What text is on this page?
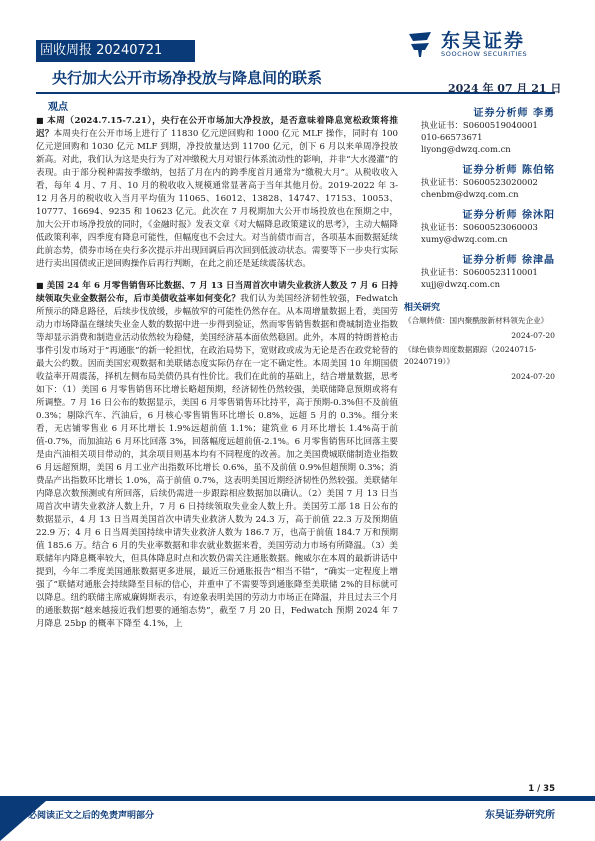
固收周报 20240721	东吴证券
SOOCHOW SECURITIES
央行加大公开市场净投放与降息间的联系
2024 年 07 月 21 日
观点

■ 本周（2024.7.15-7.21），央行在公开市场加大净投放，是否意味着降息宽松政策将推迟？本周央行在公开市场上进行了 11830 亿元逆回购和 1000 亿元 MLF 操作，同时有 100 亿元逆回购和 1030 亿元 MLF 到期，净投放量达到 11700 亿元，创下 6 月以来单周净投放新高。对此，我们认为这是央行为了对冲缴税大月对银行体系流动性的影响，并非“大水漫灌”的表现。由于部分税种需按季缴纳，包括了月在内的跨季度首月通常为“缴税大月”。从税收收入看，每年 4 月、7 月、10 月的税收收入规模通常显著高于当年其他月份。2019-2022 年 3-12 月各月的税收收入当月平均值为 11065、16012、13828、14747、17153、10053、10777、16694、9235 和 10623 亿元。此次在 7 月税期加大公开市场投放也在预期之中，加大公开市场净投放的同时，《金融时报》发表文章《对大幅降息政策建议的思考》，主动大幅降低政策利率，四季度有降息可能性，但幅度也不会过大。对当前债市而言，各项基本面数据延续此前态势，债券市场在央行多次提示并出现回调后再次回到低波动状态。需要等下一步央行实际进行卖出国债或正逆回购操作后再行判断，在此之前还是延续震荡状态。

■ 美国 24 年 6 月零售销售环比数据、7 月 13 日当周首次申请失业救济人数及 7 月 6 日持续领取失业金数据公布，后市美债收益率如何变化？我们认为美国经济韧性较强，Fedwatch 所预示的降息路径，后续步伐放缓，步幅放窄的可能性仍然存在。从本周增量数据上看，美国劳动力市场降温在继续失业金人数的数据中进一步得到验证，然而零售销售数据和费城制造业指数等却显示消费和制造业活动依然较为稳健，美国经济基本面依然稳固。此外，本周的特朗普枪击事件引发市场对于“再通胀”的新一轮担忧，在政治局势下，宽财政或成为无论是否在政党轮替的最大公约数。因而美国宏观数据和美联储态度实际仍存在一定不确定性。本周美国 10 年期国债收益率开周震荡，择机左侧布局美债仍具有性价比。我们在此前的基础上，结合增量数据，思考如下：（1）美国 6 月零售销售环比增长略超预期，经济韧性仍然较强，美联储降息预期或将有所调整。7 月 16 日公布的数据显示，美国 6 月零售销售环比持平，高于预期-0.3%但不及前值 0.3%；剔除汽车、汽油后，6 月核心零售销售环比增长 0.8%，远超 5 月的 0.3%。细分来看，无店铺零售业 6 月环比增长 1.9%远超前值 1.1%；建筑业 6 月环比增长 1.4%高于前值-0.7%，而加油站 6 月环比回落 3%，回落幅度远超前值-2.1%。6 月零售销售环比回落主要是由汽油相关项目带动的，其余项目则基本均有不同程度的改善。加之美国费城联储制造业指数 6 月远超预期，美国 6 月工业产出指数环比增长 0.6%，虽不及前值 0.9%但超预期 0.3%；消费品产出指数环比增长 1.0%，高于前值 0.7%，这表明美国近期经济韧性仍然较强。美联储年内降息次数预测或有所回落，后续仍需进一步跟踪相应数据加以确认。（2）美国 7 月 13 日当周首次申请失业救济人数上升，7 月 6 日持续领取失业金人数上升。美国劳工部 18 日公布的数据显示，4 月 13 日当周美国首次申请失业救济人数为 24.3 万，高于前值 22.3 万及预期值 22.9 万；4 月 6 日当周美国持续申请失业救济人数为 186.7 万，也高于前值 184.7 万和预期值 185.6 万。结合 6 月的失业率数据和非农就业数据来看，美国劳动力市场有所降温。（3）美联储年内降息概率较大，但具体降息时点和次数仍需关注通胀数据。鲍威尔在本周的最新讲话中提到，今年二季度美国通胀数据更多进展，最近三份通胀报告“相当不错”，“确实一定程度上增强了”联储对通胀会持续降至目标的信心，并重申了不需要等到通胀降至美联储 2%的目标就可以降息。纽约联储主席威廉姆斯表示，有迹象表明美国的劳动力市场正在降温，并且过去三个月的通胀数据“越来越接近我们想要的通缩态势”，截至 7 月 20 日，Fedwatch 预期 2024 年 7 月降息 25bp 的概率下降至 4.1%，上

证券分析师 李勇
执业证书：S0600519040001
010-66573671
liyong@dwzq.com.cn
证券分析师 陈伯铭
执业证书：S0600523020002
chenbm@dwzq.com.cn
证券分析师 徐沐阳
执业证书：S0600523060003
xumy@dwzq.com.cn
证券分析师 徐津晶
执业证书：S0600523110001
xujj@dwzq.com.cn
相关研究
《合顺转债：国内聚酰胺新材料领先企业》
2024-07-20
《绿色债券周度数据跟踪（20240715-20240719）》
2024-07-20
1 / 35
请务必阅读正文之后的免责声明部分	东吴证券研究所
